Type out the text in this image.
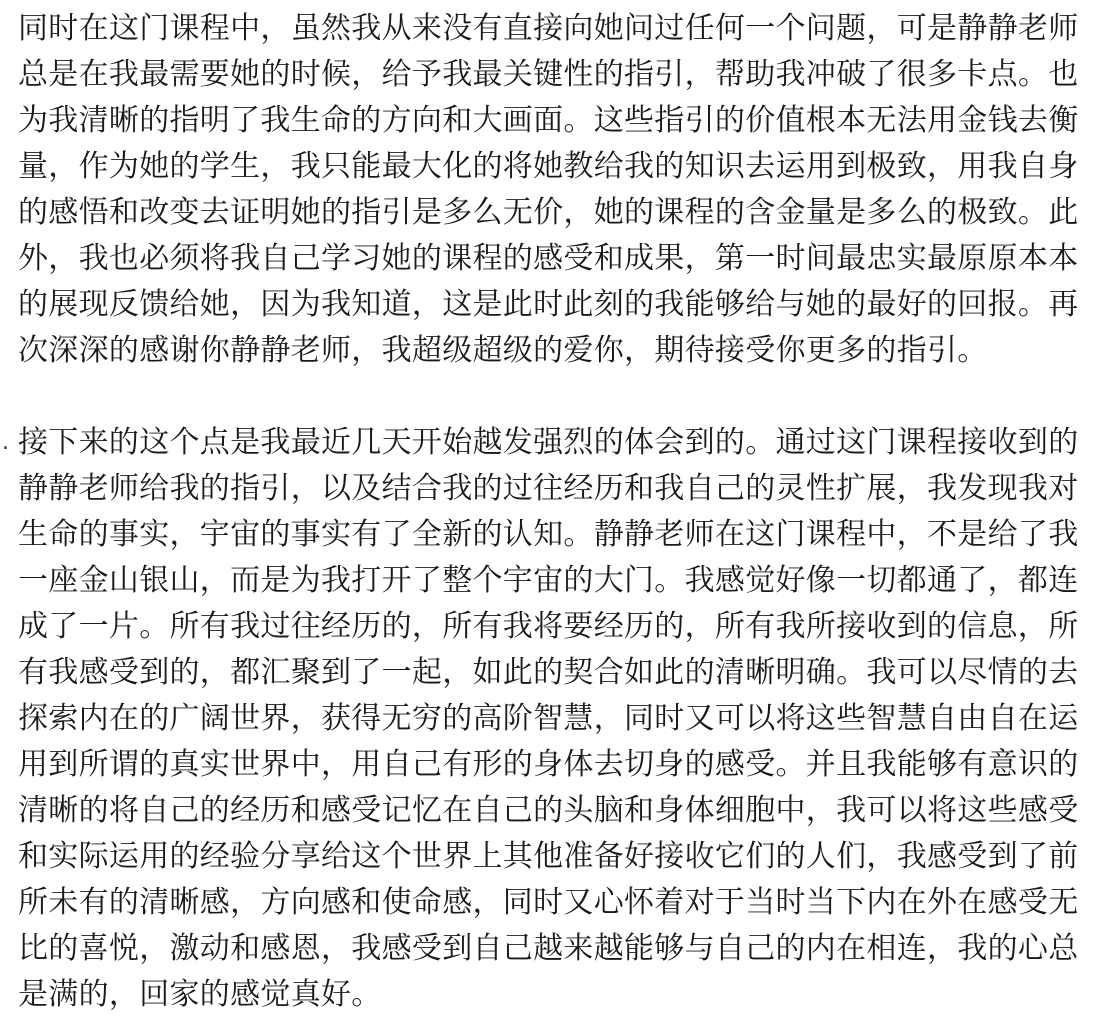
同时在这门课程中，虽然我从来没有直接向她问过任何一个问题，可是静静老师
总是在我最需要她的时候，给予我最关键性的指引，帮助我冲破了很多卡点。也
为我清晰的指明了我生命的方向和大画面。这些指引的价值根本无法用金钱去衡
量，作为她的学生，我只能最大化的将她教给我的知识去运用到极致，用我自身
的感悟和改变去证明她的指引是多么无价，她的课程的含金量是多么的极致。此
外，我也必须将我自己学习她的课程的感受和成果，第一时间最忠实最原原本本
的展现反馈给她，因为我知道，这是此时此刻的我能够给与她的最好的回报。再
次深深的感谢你静静老师，我超级超级的爱你，期待接受你更多的指引。
. 接下来的这个点是我最近几天开始越发强烈的体会到的。通过这门课程接收到的
静静老师给我的指引，以及结合我的过往经历和我自己的灵性扩展，我发现我对
生命的事实，宇宙的事实有了全新的认知。静静老师在这门课程中，不是给了我
一座金山银山，而是为我打开了整个宇宙的大门。我感觉好像一切都通了，都连
成了一片。所有我过往经历的，所有我将要经历的，所有我所接收到的信息，所
有我感受到的，都汇聚到了一起，如此的契合如此的清晰明确。我可以尽情的去
探索内在的广阔世界，获得无穷的高阶智慧，同时又可以将这些智慧自由自在运
用到所谓的真实世界中，用自己有形的身体去切身的感受。并且我能够有意识的
清晰的将自己的经历和感受记忆在自己的头脑和身体细胞中，我可以将这些感受
和实际运用的经验分享给这个世界上其他准备好接收它们的人们，我感受到了前
所未有的清晰感，方向感和使命感，同时又心怀着对于当时当下内在外在感受无
比的喜悦，激动和感恩，我感受到自己越来越能够与自己的内在相连，我的心总
是满的，回家的感觉真好。
